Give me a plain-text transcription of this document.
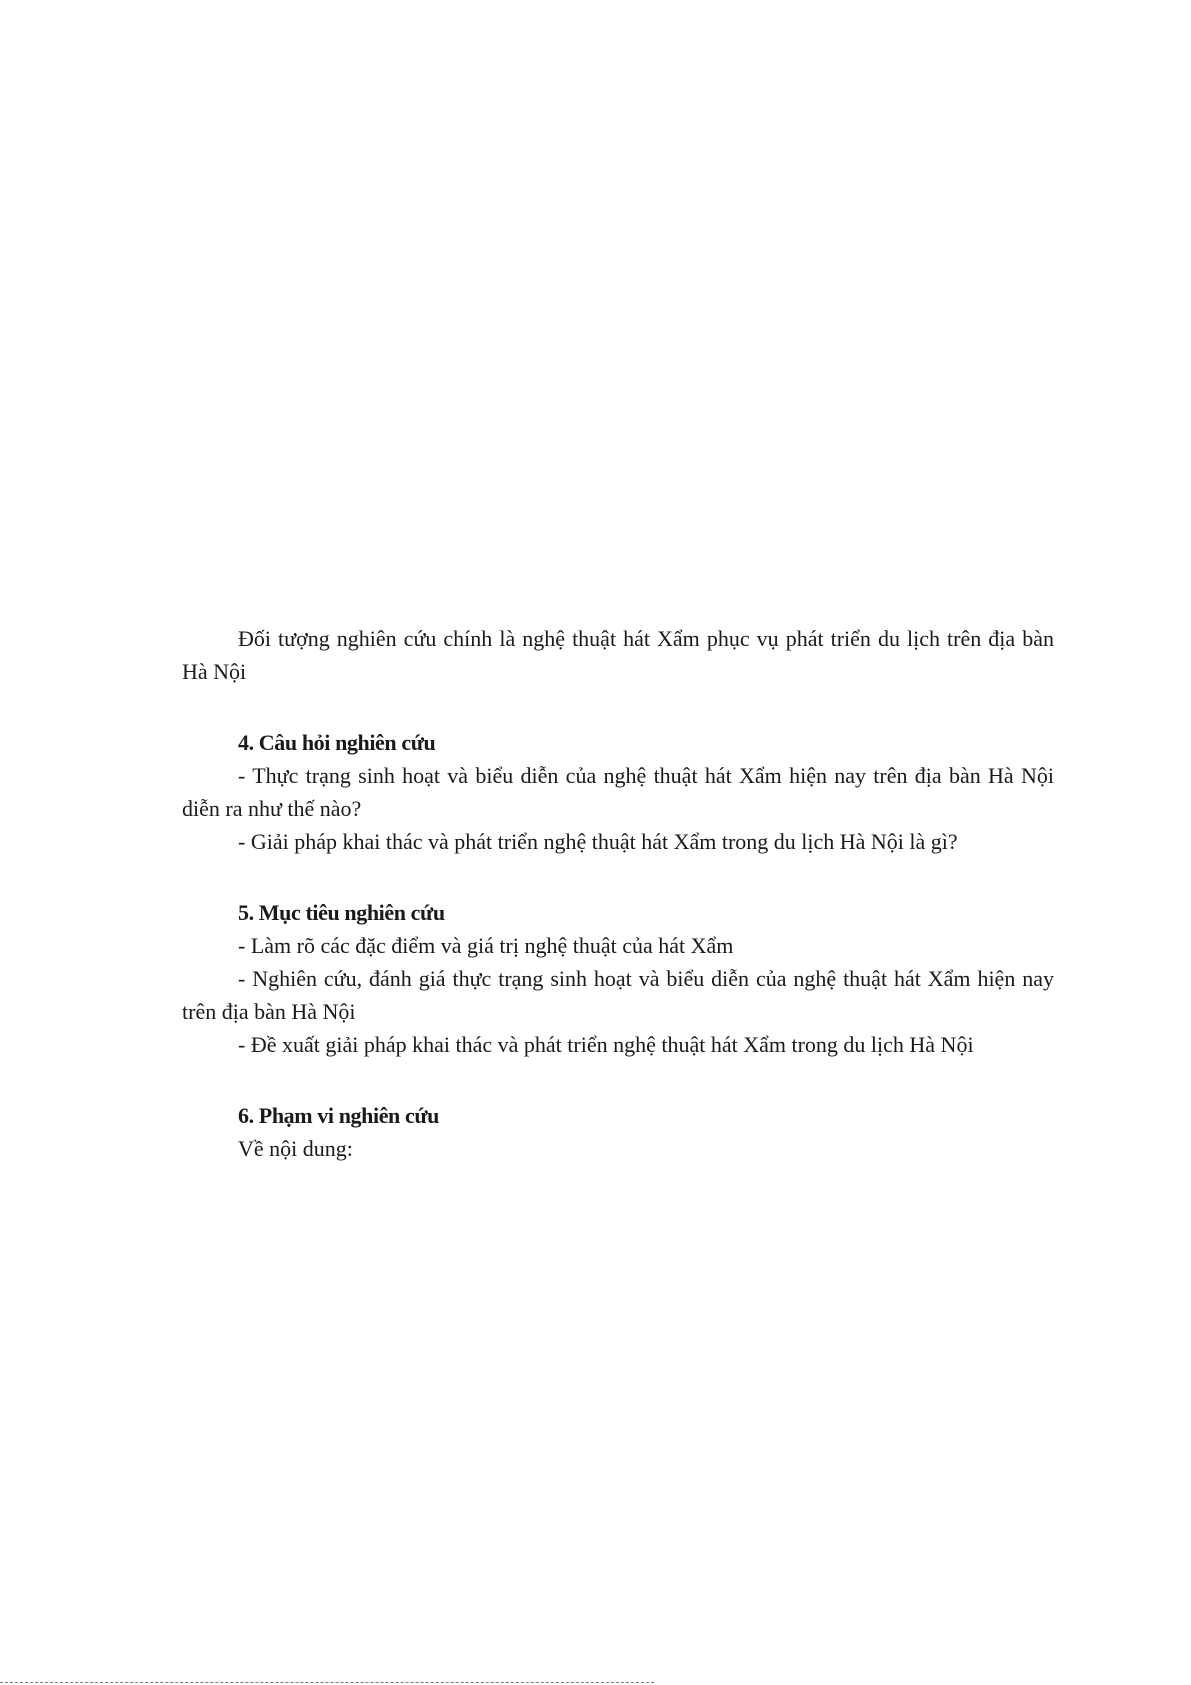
Đối tượng nghiên cứu chính là nghệ thuật hát Xẩm phục vụ phát triển du lịch trên địa bàn Hà Nội

4. Câu hỏi nghiên cứu

- Thực trạng sinh hoạt và biểu diễn của nghệ thuật hát Xẩm hiện nay trên địa bàn Hà Nội diễn ra như thế nào?

- Giải pháp khai thác và phát triển nghệ thuật hát Xẩm trong du lịch Hà Nội là gì?

5. Mục tiêu nghiên cứu

- Làm rõ các đặc điểm và giá trị nghệ thuật của hát Xẩm

- Nghiên cứu, đánh giá thực trạng sinh hoạt và biểu diễn của nghệ thuật hát Xẩm hiện nay trên địa bàn Hà Nội

- Đề xuất giải pháp khai thác và phát triển nghệ thuật hát Xẩm trong du lịch Hà Nội

6. Phạm vi nghiên cứu

Về nội dung:
